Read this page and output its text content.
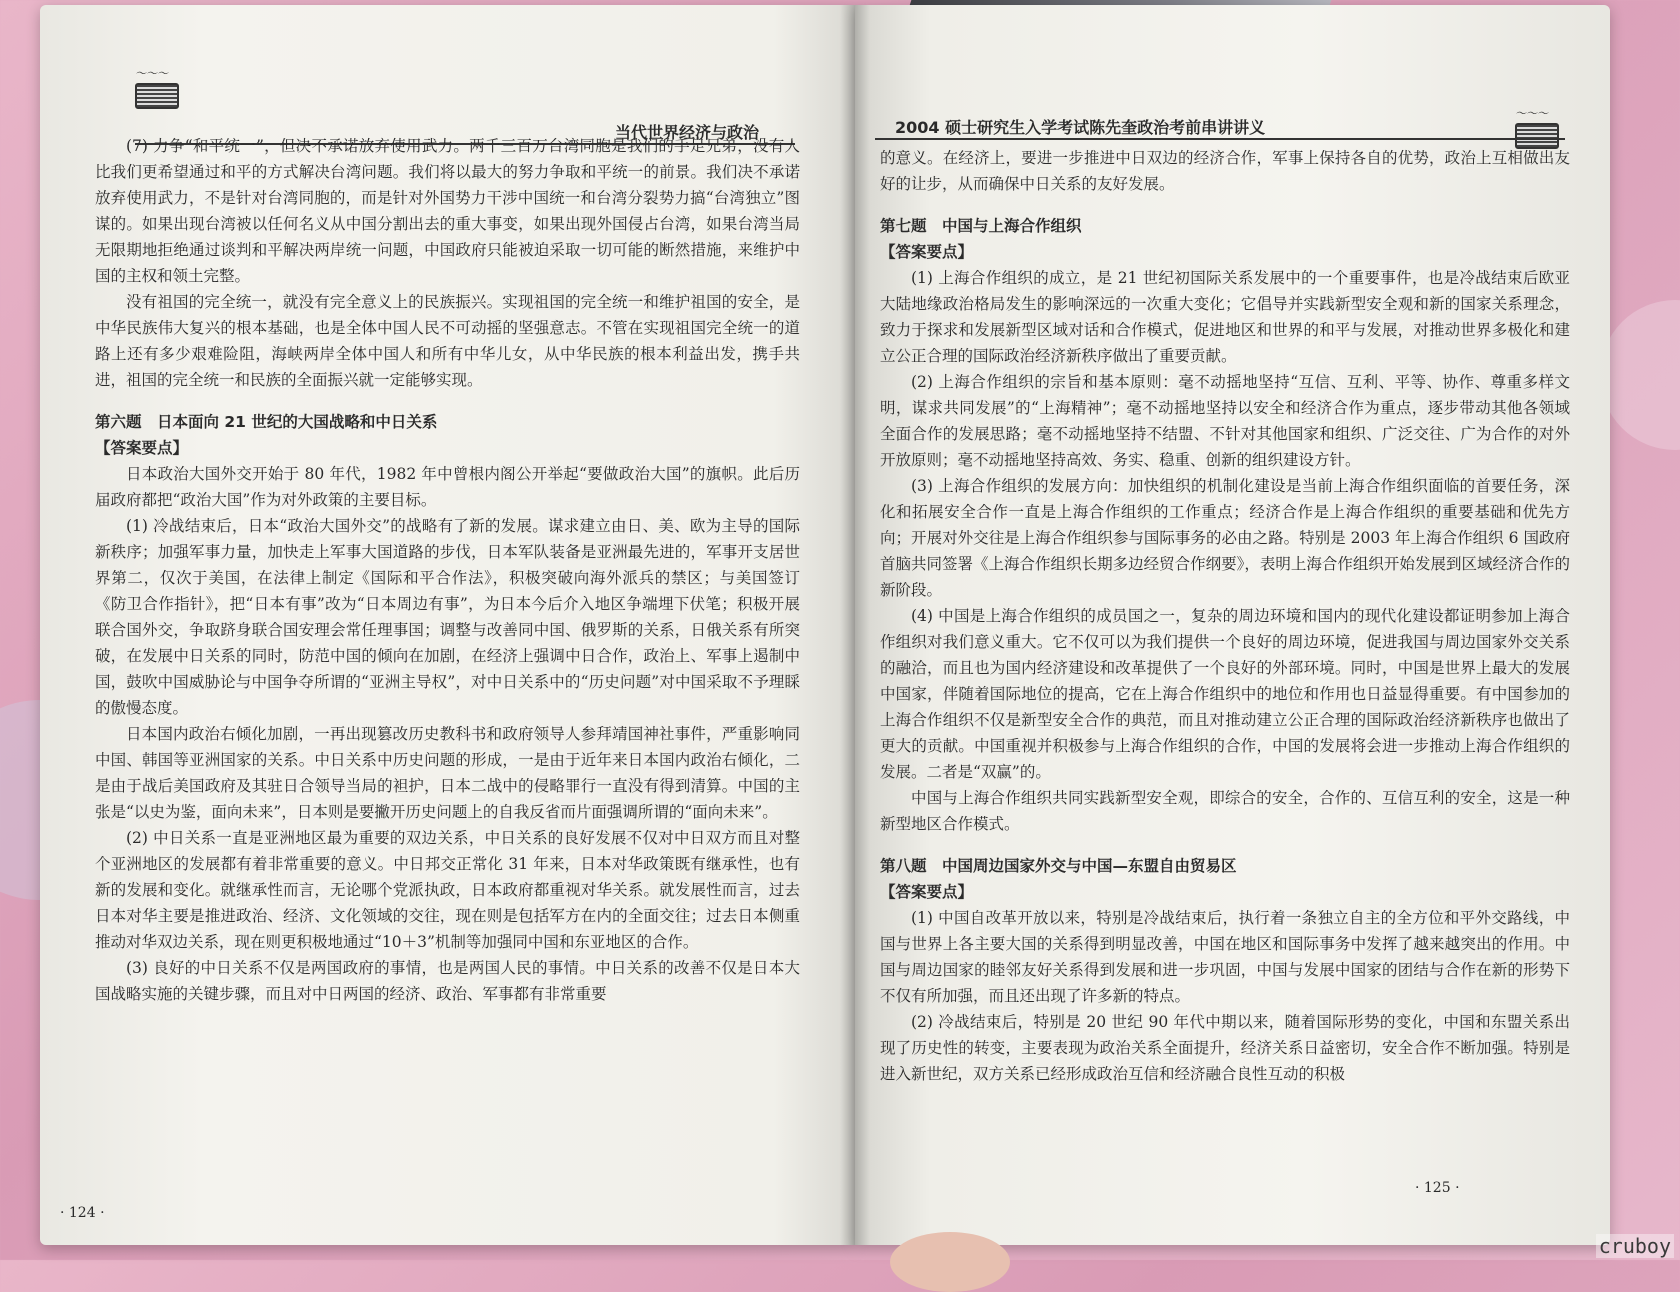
～～～
当代世界经济与政治

(7) 力争“和平统一”，但决不承诺放弃使用武力。两千三百万台湾同胞是我们的手足兄弟，没有人比我们更希望通过和平的方式解决台湾问题。我们将以最大的努力争取和平统一的前景。我们决不承诺放弃使用武力，不是针对台湾同胞的，而是针对外国势力干涉中国统一和台湾分裂势力搞“台湾独立”图谋的。如果出现台湾被以任何名义从中国分割出去的重大事变，如果出现外国侵占台湾，如果台湾当局无限期地拒绝通过谈判和平解决两岸统一问题，中国政府只能被迫采取一切可能的断然措施，来维护中国的主权和领土完整。

没有祖国的完全统一，就没有完全意义上的民族振兴。实现祖国的完全统一和维护祖国的安全，是中华民族伟大复兴的根本基础，也是全体中国人民不可动摇的坚强意志。不管在实现祖国完全统一的道路上还有多少艰难险阻，海峡两岸全体中国人和所有中华儿女，从中华民族的根本利益出发，携手共进，祖国的完全统一和民族的全面振兴就一定能够实现。

第六题　日本面向 21 世纪的大国战略和中日关系
【答案要点】

日本政治大国外交开始于 80 年代，1982 年中曾根内阁公开举起“要做政治大国”的旗帜。此后历届政府都把“政治大国”作为对外政策的主要目标。

(1) 冷战结束后，日本“政治大国外交”的战略有了新的发展。谋求建立由日、美、欧为主导的国际新秩序；加强军事力量，加快走上军事大国道路的步伐，日本军队装备是亚洲最先进的，军事开支居世界第二，仅次于美国，在法律上制定《国际和平合作法》，积极突破向海外派兵的禁区；与美国签订《防卫合作指针》，把“日本有事”改为“日本周边有事”，为日本今后介入地区争端埋下伏笔；积极开展联合国外交，争取跻身联合国安理会常任理事国；调整与改善同中国、俄罗斯的关系，日俄关系有所突破，在发展中日关系的同时，防范中国的倾向在加剧，在经济上强调中日合作，政治上、军事上遏制中国，鼓吹中国威胁论与中国争夺所谓的“亚洲主导权”，对中日关系中的“历史问题”对中国采取不予理睬的傲慢态度。

日本国内政治右倾化加剧，一再出现篡改历史教科书和政府领导人参拜靖国神社事件，严重影响同中国、韩国等亚洲国家的关系。中日关系中历史问题的形成，一是由于近年来日本国内政治右倾化，二是由于战后美国政府及其驻日合领导当局的袒护，日本二战中的侵略罪行一直没有得到清算。中国的主张是“以史为鉴，面向未来”，日本则是要撇开历史问题上的自我反省而片面强调所谓的“面向未来”。

(2) 中日关系一直是亚洲地区最为重要的双边关系，中日关系的良好发展不仅对中日双方而且对整个亚洲地区的发展都有着非常重要的意义。中日邦交正常化 31 年来，日本对华政策既有继承性，也有新的发展和变化。就继承性而言，无论哪个党派执政，日本政府都重视对华关系。就发展性而言，过去日本对华主要是推进政治、经济、文化领域的交往，现在则是包括军方在内的全面交往；过去日本侧重推动对华双边关系，现在则更积极地通过“10＋3”机制等加强同中国和东亚地区的合作。

(3) 良好的中日关系不仅是两国政府的事情，也是两国人民的事情。中日关系的改善不仅是日本大国战略实施的关键步骤，而且对中日两国的经济、政治、军事都有非常重要

· 124 ·
2004 硕士研究生入学考试陈先奎政治考前串讲讲义
～～～

的意义。在经济上，要进一步推进中日双边的经济合作，军事上保持各自的优势，政治上互相做出友好的让步，从而确保中日关系的友好发展。

第七题　中国与上海合作组织
【答案要点】

(1) 上海合作组织的成立，是 21 世纪初国际关系发展中的一个重要事件，也是冷战结束后欧亚大陆地缘政治格局发生的影响深远的一次重大变化；它倡导并实践新型安全观和新的国家关系理念，致力于探求和发展新型区域对话和合作模式，促进地区和世界的和平与发展，对推动世界多极化和建立公正合理的国际政治经济新秩序做出了重要贡献。

(2) 上海合作组织的宗旨和基本原则：毫不动摇地坚持“互信、互利、平等、协作、尊重多样文明，谋求共同发展”的“上海精神”；毫不动摇地坚持以安全和经济合作为重点，逐步带动其他各领域全面合作的发展思路；毫不动摇地坚持不结盟、不针对其他国家和组织、广泛交往、广为合作的对外开放原则；毫不动摇地坚持高效、务实、稳重、创新的组织建设方针。

(3) 上海合作组织的发展方向：加快组织的机制化建设是当前上海合作组织面临的首要任务，深化和拓展安全合作一直是上海合作组织的工作重点；经济合作是上海合作组织的重要基础和优先方向；开展对外交往是上海合作组织参与国际事务的必由之路。特别是 2003 年上海合作组织 6 国政府首脑共同签署《上海合作组织长期多边经贸合作纲要》，表明上海合作组织开始发展到区域经济合作的新阶段。

(4) 中国是上海合作组织的成员国之一，复杂的周边环境和国内的现代化建设都证明参加上海合作组织对我们意义重大。它不仅可以为我们提供一个良好的周边环境，促进我国与周边国家外交关系的融洽，而且也为国内经济建设和改革提供了一个良好的外部环境。同时，中国是世界上最大的发展中国家，伴随着国际地位的提高，它在上海合作组织中的地位和作用也日益显得重要。有中国参加的上海合作组织不仅是新型安全合作的典范，而且对推动建立公正合理的国际政治经济新秩序也做出了更大的贡献。中国重视并积极参与上海合作组织的合作，中国的发展将会进一步推动上海合作组织的发展。二者是“双赢”的。

中国与上海合作组织共同实践新型安全观，即综合的安全，合作的、互信互利的安全，这是一种新型地区合作模式。

第八题　中国周边国家外交与中国—东盟自由贸易区
【答案要点】

(1) 中国自改革开放以来，特别是冷战结束后，执行着一条独立自主的全方位和平外交路线，中国与世界上各主要大国的关系得到明显改善，中国在地区和国际事务中发挥了越来越突出的作用。中国与周边国家的睦邻友好关系得到发展和进一步巩固，中国与发展中国家的团结与合作在新的形势下不仅有所加强，而且还出现了许多新的特点。

(2) 冷战结束后，特别是 20 世纪 90 年代中期以来，随着国际形势的变化，中国和东盟关系出现了历史性的转变，主要表现为政治关系全面提升，经济关系日益密切，安全合作不断加强。特别是进入新世纪，双方关系已经形成政治互信和经济融合良性互动的积极

· 125 ·
cruboy
